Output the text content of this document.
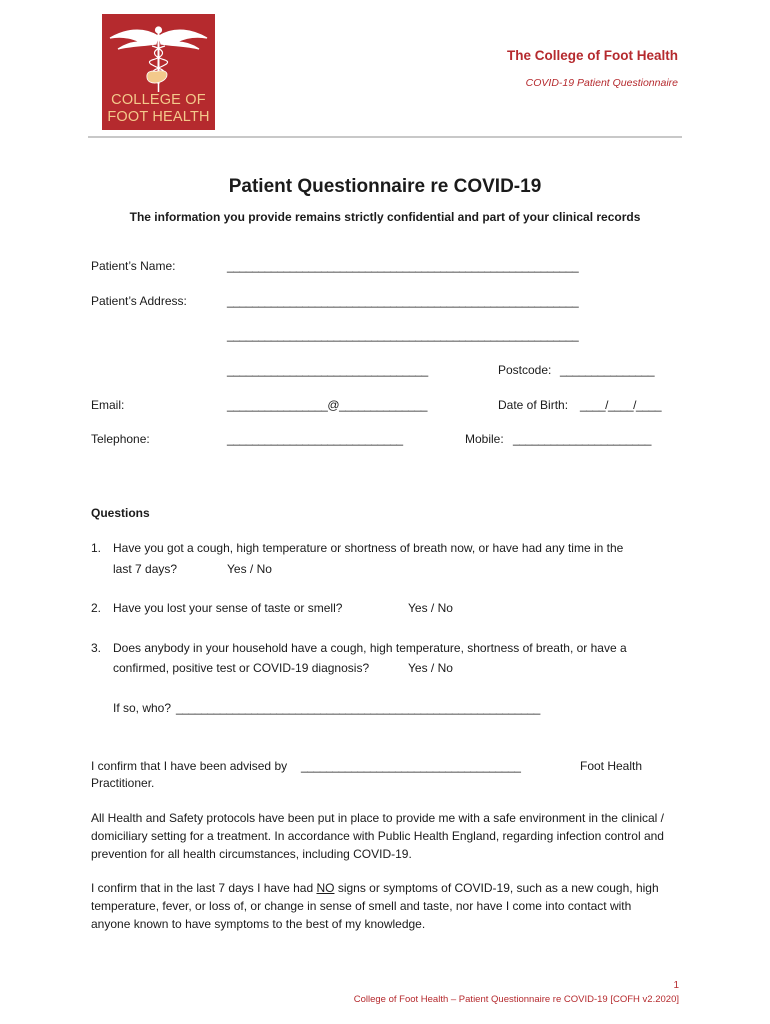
COLLEGE OF
FOOT HEALTH
The College of Foot Health
COVID-19 Patient Questionnaire
Patient Questionnaire re COVID-19
The information you provide remains strictly confidential and part of your clinical records
Patient’s Name:	________________________________________________________
Patient’s Address:	________________________________________________________
________________________________________________________
________________________________	Postcode: _______________
Email:	________________@______________	Date of Birth: ____/____/____
Telephone:	____________________________	Mobile: ______________________
Questions
1. Have you got a cough, high temperature or shortness of breath now, or have had any time in the
last 7 days?	Yes / No
2. Have you lost your sense of taste or smell?	Yes / No
3. Does anybody in your household have a cough, high temperature, shortness of breath, or have a
confirmed, positive test or COVID-19 diagnosis?	Yes / No
If so, who? __________________________________________________________
I confirm that I have been advised by ___________________________________	Foot Health
Practitioner.
All Health and Safety protocols have been put in place to provide me with a safe environment in the clinical / domiciliary setting for a treatment. In accordance with Public Health England, regarding infection control and prevention for all health circumstances, including COVID-19.
I confirm that in the last 7 days I have had NO signs or symptoms of COVID-19, such as a new cough, high temperature, fever, or loss of, or change in sense of smell and taste, nor have I come into contact with anyone known to have symptoms to the best of my knowledge.
1
College of Foot Health – Patient Questionnaire re COVID-19 [COFH v2.2020]
